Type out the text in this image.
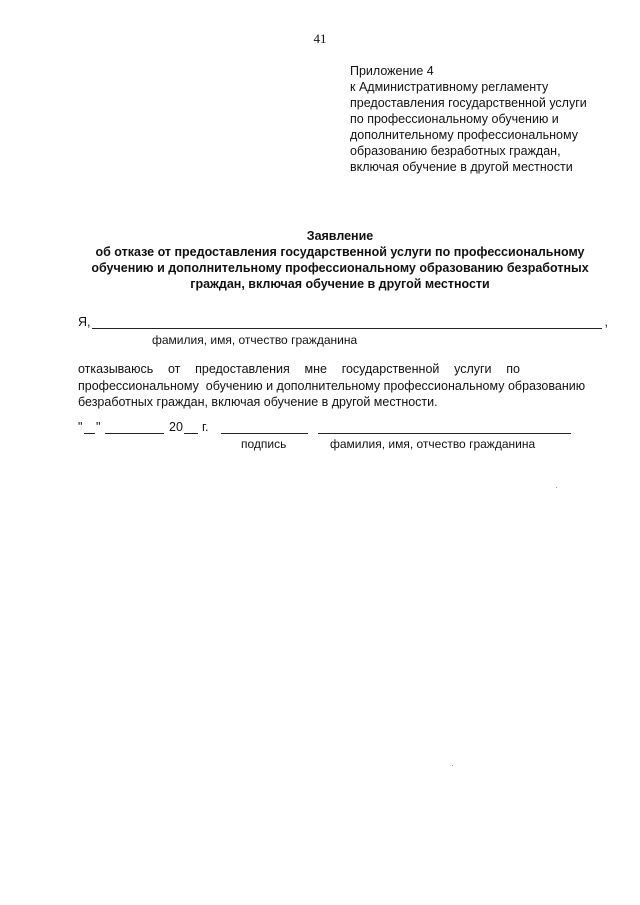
41
Приложение 4
к Административному регламенту
предоставления государственной услуги
по профессиональному обучению и
дополнительному профессиональному
образованию безработных граждан,
включая обучение в другой местности
Заявление
об отказе от предоставления государственной услуги по профессиональному
обучению и дополнительному профессиональному образованию безработных
граждан, включая обучение в другой местности
Я,	,
фамилия, имя, отчество гражданина
отказываюсь от предоставления мне государственной услуги по
профессиональному  обучению и дополнительному профессиональному образованию
безработных граждан, включая обучение в другой местности.
" "	20 г.
подпись	фамилия, имя, отчество гражданина
